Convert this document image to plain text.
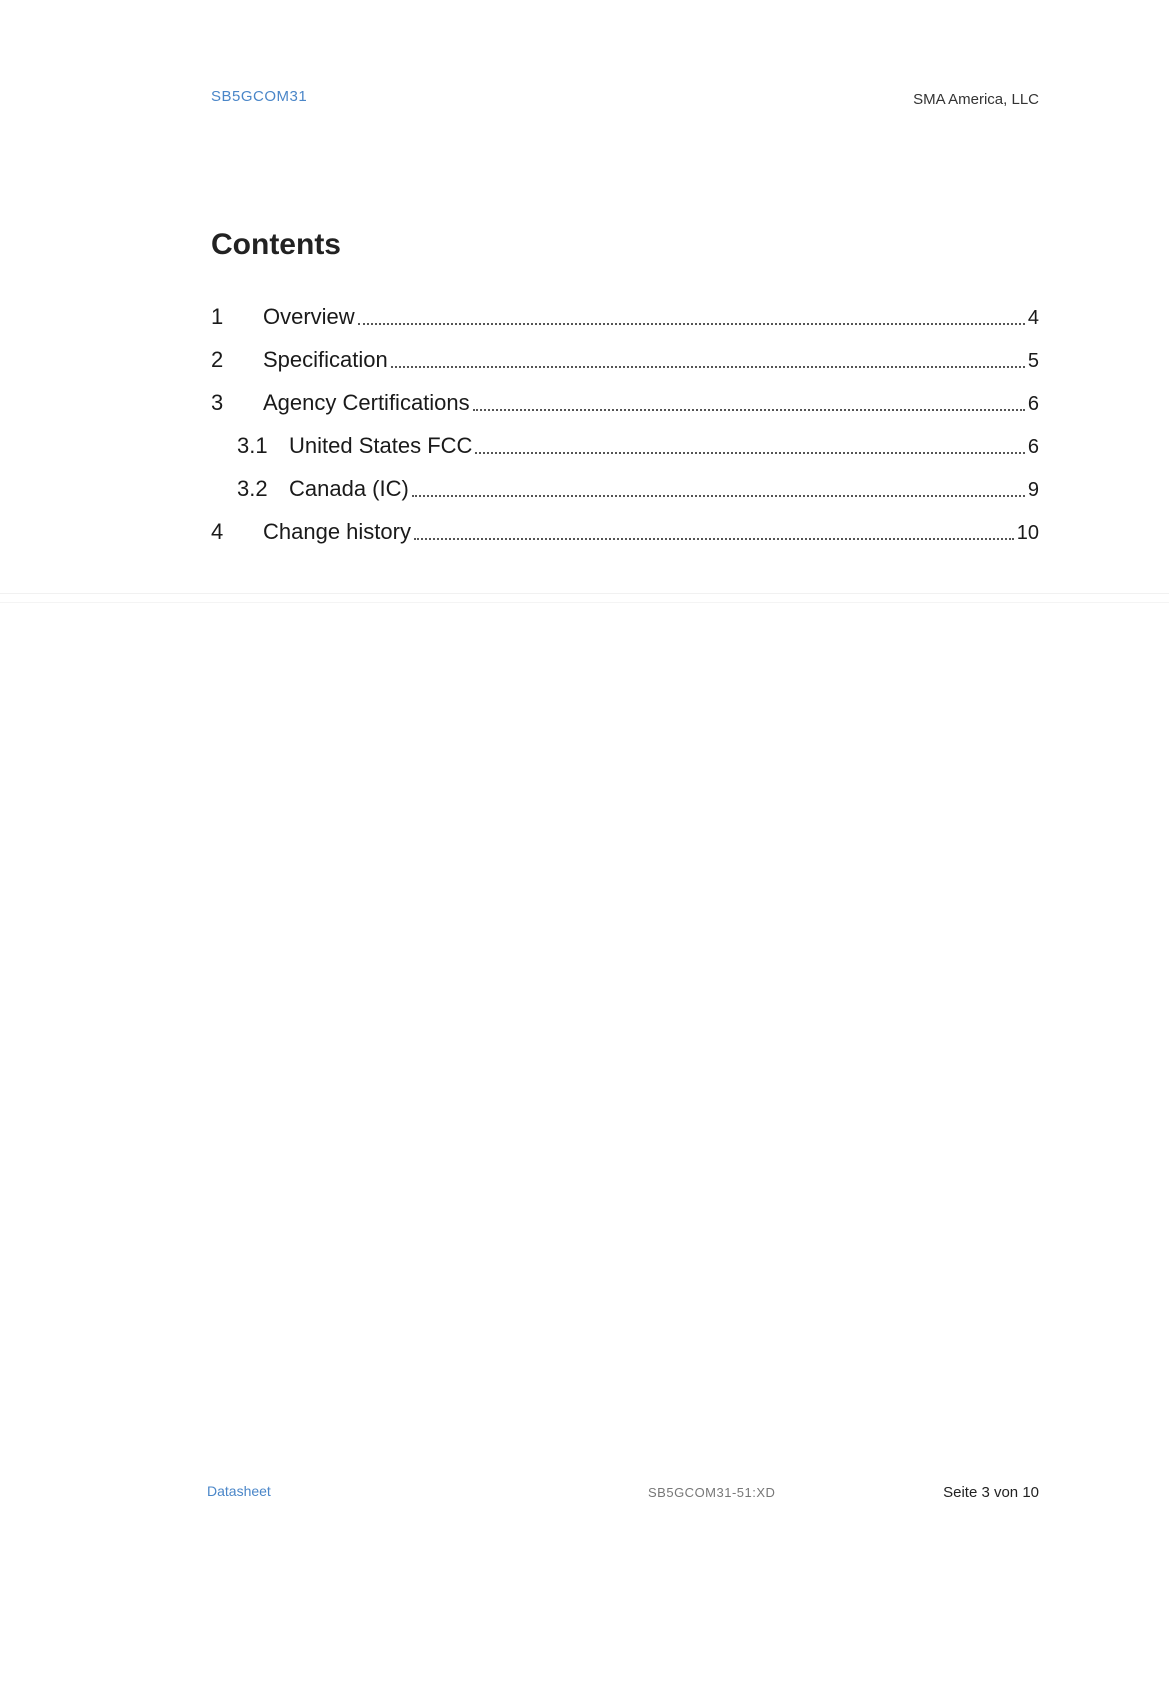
SB5GCOM31	SMA America, LLC
Contents
1	Overview	4
2	Specification	5
3	Agency Certifications	6
3.1 United States FCC	6
3.2 Canada (IC)	9
4	Change history	10
Datasheet	SB5GCOM31-51:XD	Seite 3 von 10
